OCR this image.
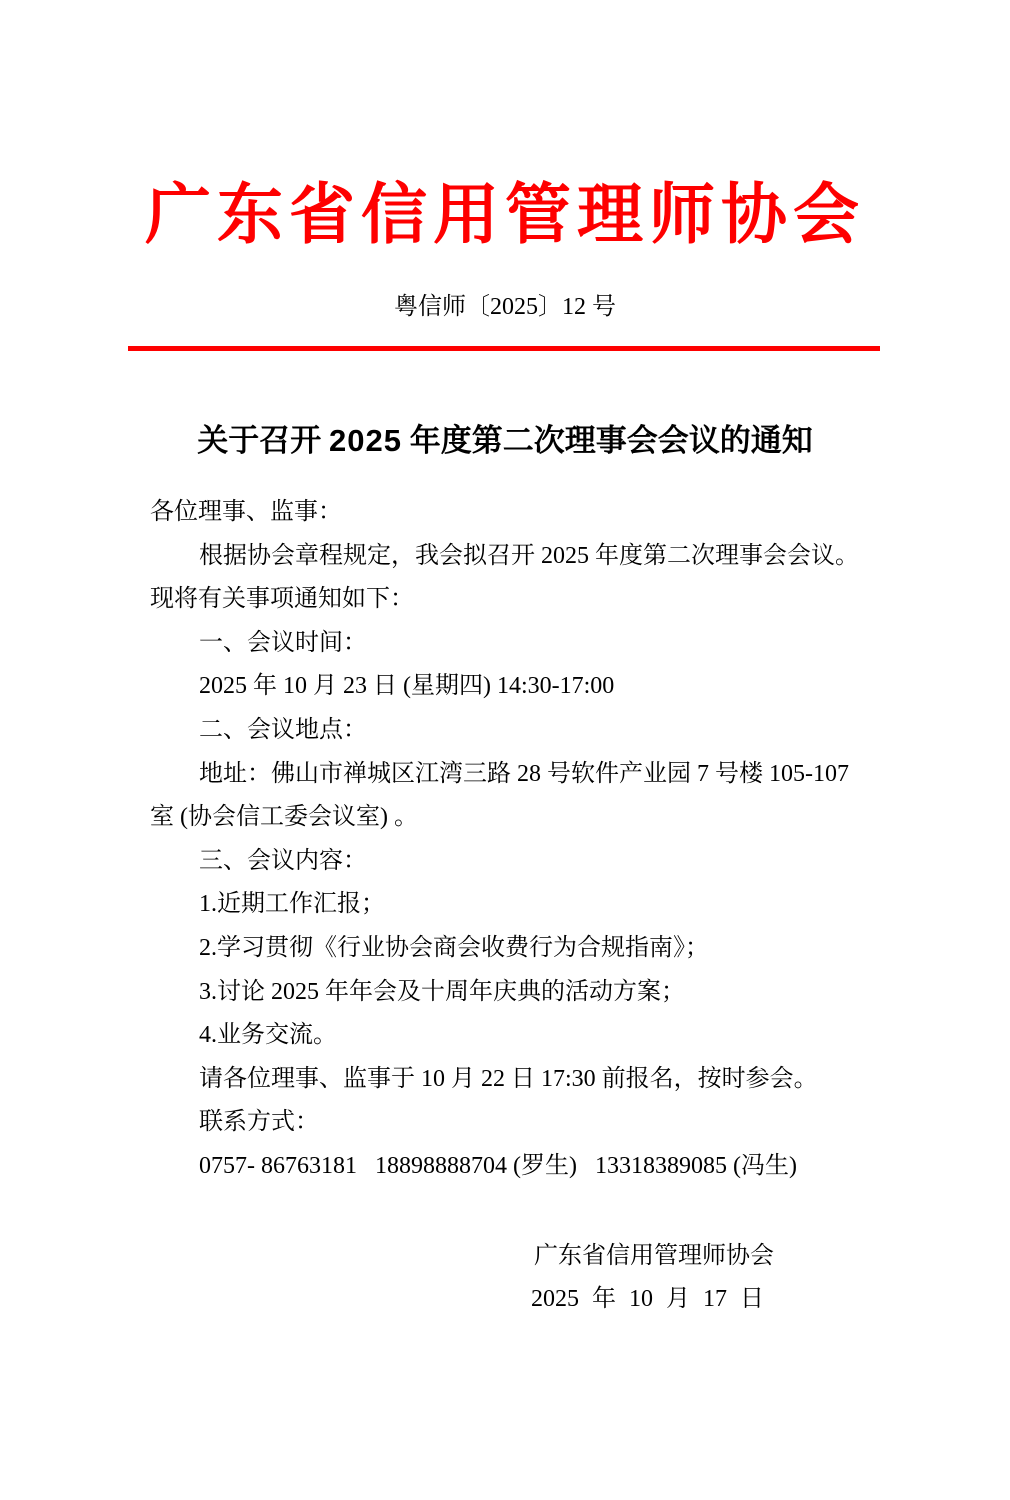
广东省信用管理师协会
粤信师〔2025〕12 号
关于召开 2025 年度第二次理事会会议的通知
各位理事、监事：
根据协会章程规定，我会拟召开 2025 年度第二次理事会会议。
现将有关事项通知如下：
一、会议时间：
2025 年 10 月 23 日 (星期四) 14:30-17:00
二、会议地点：
地址：佛山市禅城区江湾三路 28 号软件产业园 7 号楼 105-107
室 (协会信工委会议室) 。
三、会议内容：
1.近期工作汇报；
2.学习贯彻《行业协会商会收费行为合规指南》；
3.讨论 2025 年年会及十周年庆典的活动方案；
4.业务交流。
请各位理事、监事于 10 月 22 日 17:30 前报名，按时参会。
联系方式：
0757- 86763181   18898888704 (罗生)   13318389085 (冯生)
广东省信用管理师协会
2025 年 10 月 17 日
